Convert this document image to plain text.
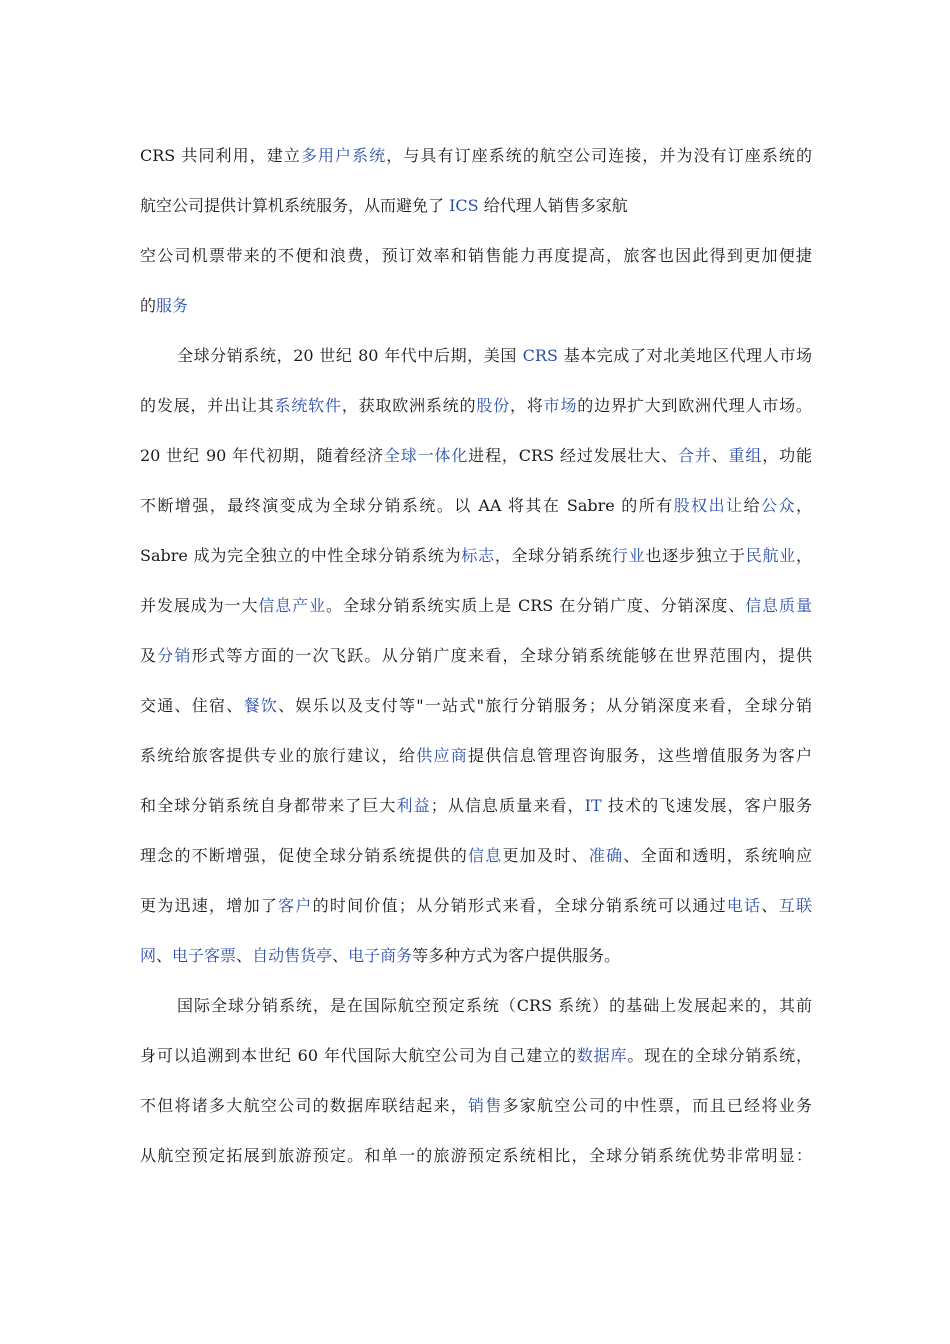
CRS 共同利用，建立多用户系统，与具有订座系统的航空公司连接，并为没有订座系统的
航空公司提供计算机系统服务，从而避免了 ICS 给代理人销售多家航
空公司机票带来的不便和浪费，预订效率和销售能力再度提高，旅客也因此得到更加便捷
的服务
全球分销系统，20 世纪 80 年代中后期，美国 CRS 基本完成了对北美地区代理人市场
的发展，并出让其系统软件，获取欧洲系统的股份，将市场的边界扩大到欧洲代理人市场。
20 世纪 90 年代初期，随着经济全球一体化进程，CRS 经过发展壮大、合并、重组，功能
不断增强，最终演变成为全球分销系统。以 AA 将其在 Sabre 的所有股权出让给公众，
Sabre 成为完全独立的中性全球分销系统为标志，全球分销系统行业也逐步独立于民航业，
并发展成为一大信息产业。全球分销系统实质上是 CRS 在分销广度、分销深度、信息质量
及分销形式等方面的一次飞跃。从分销广度来看，全球分销系统能够在世界范围内，提供
交通、住宿、餐饮、娱乐以及支付等"一站式"旅行分销服务；从分销深度来看，全球分销
系统给旅客提供专业的旅行建议，给供应商提供信息管理咨询服务，这些增值服务为客户
和全球分销系统自身都带来了巨大利益；从信息质量来看，IT 技术的飞速发展，客户服务
理念的不断增强，促使全球分销系统提供的信息更加及时、准确、全面和透明，系统响应
更为迅速，增加了客户的时间价值；从分销形式来看，全球分销系统可以通过电话、互联
网、电子客票、自动售货亭、电子商务等多种方式为客户提供服务。
国际全球分销系统，是在国际航空预定系统（CRS 系统）的基础上发展起来的，其前
身可以追溯到本世纪 60 年代国际大航空公司为自己建立的数据库。现在的全球分销系统，
不但将诸多大航空公司的数据库联结起来，销售多家航空公司的中性票，而且已经将业务
从航空预定拓展到旅游预定。和单一的旅游预定系统相比，全球分销系统优势非常明显：
